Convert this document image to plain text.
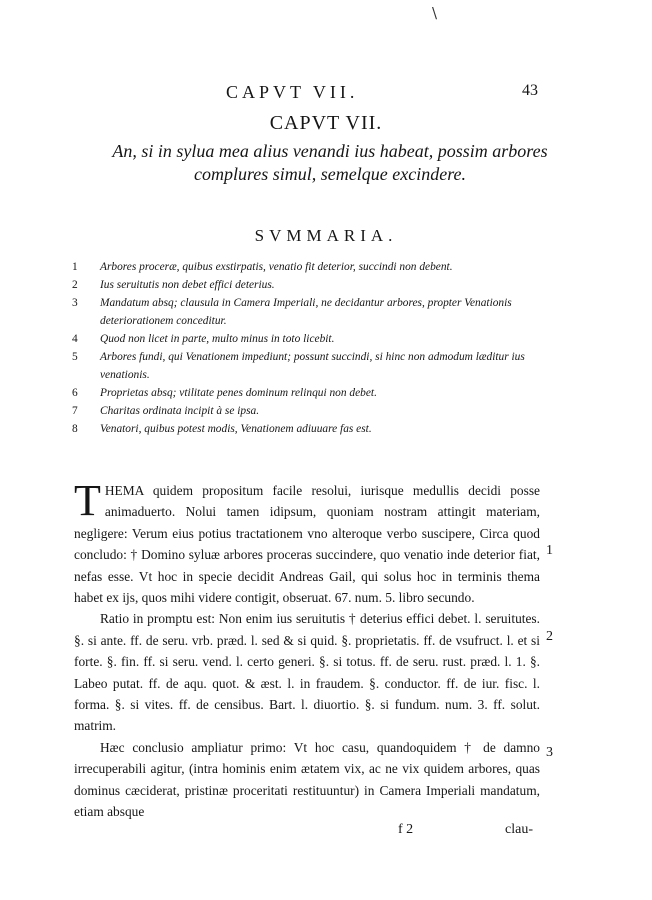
\
CAPVT VII.	43
CAPVT VII.
An, si in sylua mea alius venandi ius habeat, possim arbores complures simul, semelque excindere.
SVMMARIA.
1 Arbores proceræ, quibus exstirpatis, venatio fit deterior, succindi non debent.
2 Ius seruitutis non debet effici deterius.
3 Mandatum absq; clausula in Camera Imperiali, ne decidantur arbores, propter Venationis deteriorationem conceditur.
4 Quod non licet in parte, multo minus in toto licebit.
5 Arbores fundi, qui Venationem impediunt; possunt succindi, si hinc non admodum læditur ius venationis.
6 Proprietas absq; vtilitate penes dominum relinqui non debet.
7 Charitas ordinata incipit à se ipsa.
8 Venatori, quibus potest modis, Venationem adiuuare fas est.

THEMA quidem propositum facile resolui, iurisque medullis decidi posse animaduerto. Nolui tamen idipsum, quoniam nostram attingit materiam, negligere: Verum eius potius tractationem vno alteroque verbo suscipere, Circa quod concludo: † Domino syluæ arbores proceras succindere, quo venatio inde deterior fiat, nefas esse. Vt hoc in specie decidit Andreas Gail, qui solus hoc in terminis thema habet ex ijs, quos mihi videre contigit, obseruat. 67. num. 5. libro secundo.

Ratio in promptu est: Non enim ius seruitutis † deterius effici debet. l. seruitutes. §. si ante. ff. de seru. vrb. præd. l. sed & si quid. §. proprietatis. ff. de vsufruct. l. et si forte. §. fin. ff. si seru. vend. l. certo generi. §. si totus. ff. de seru. rust. præd. l. 1. §. Labeo putat. ff. de aqu. quot. & æst. l. in fraudem. §. conductor. ff. de iur. fisc. l. forma. §. si vites. ff. de censibus. Bart. l. diuortio. §. si fundum. num. 3. ff. solut. matrim.

Hæc conclusio ampliatur primo: Vt hoc casu, quandoquidem † de damno irrecuperabili agitur, (intra hominis enim ætatem vix, ac ne vix quidem arbores, quas dominus cæciderat, pristinæ proceritati restituuntur) in Camera Imperiali mandatum, etiam absque

1
2
3
f 2	clau-
